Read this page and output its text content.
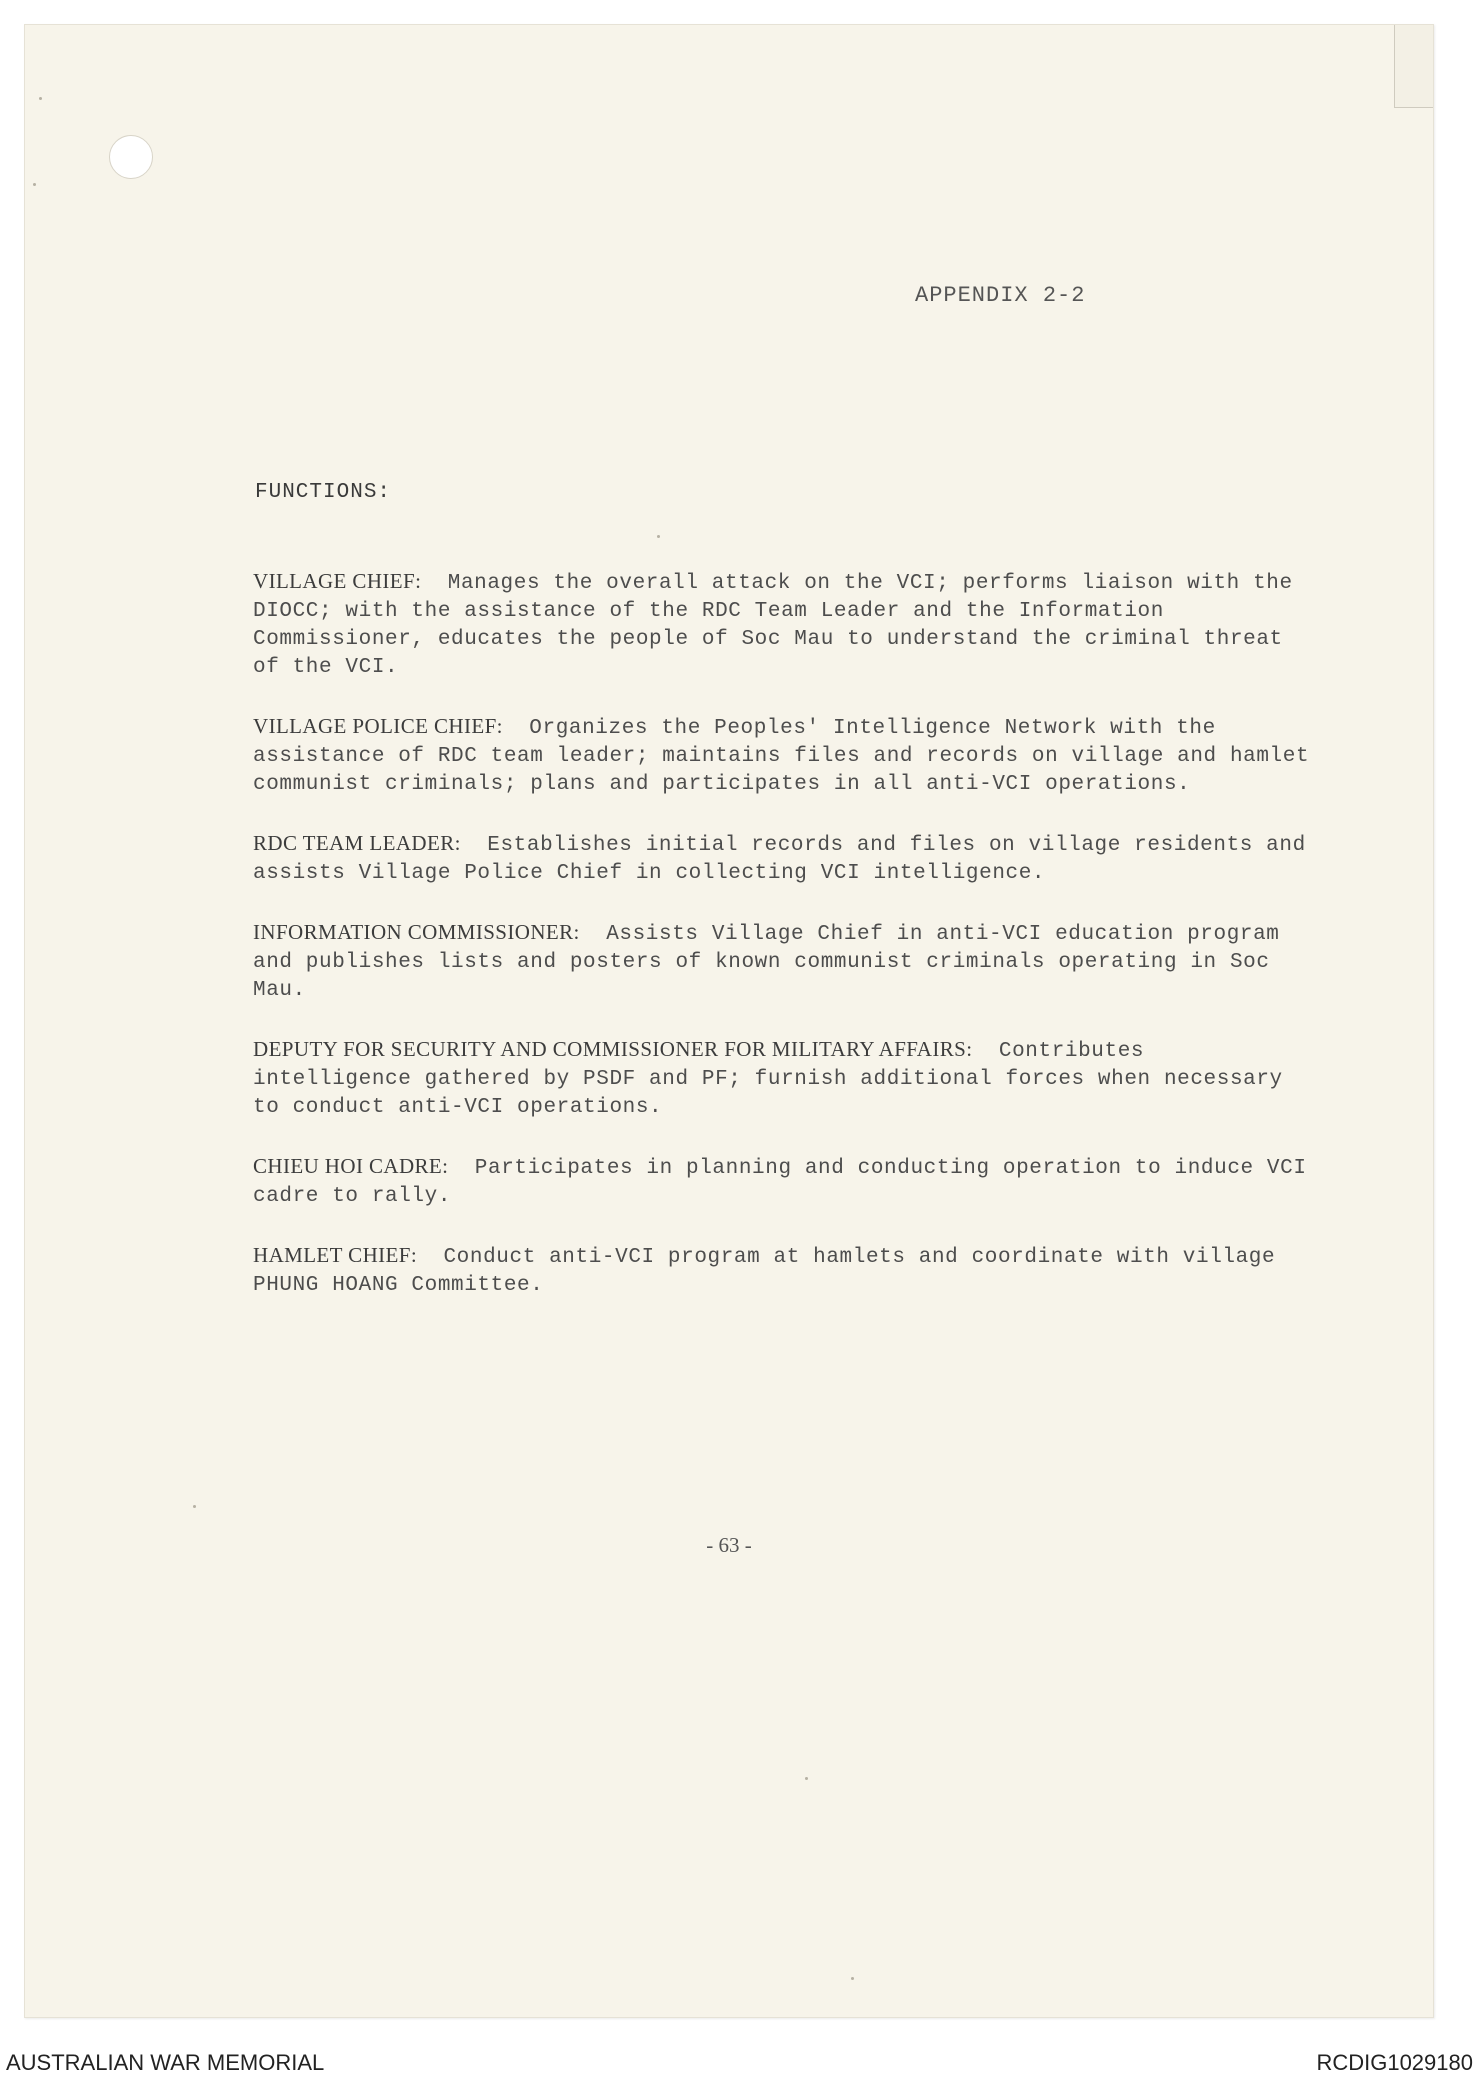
APPENDIX 2-2
FUNCTIONS:

VILLAGE CHIEF: Manages the overall attack on the VCI; performs liaison with the DIOCC; with the assistance of the RDC Team Leader and the Information Commissioner, educates the people of Soc Mau to understand the criminal threat of the VCI.

VILLAGE POLICE CHIEF: Organizes the Peoples' Intelligence Network with the assistance of RDC team leader; maintains files and records on village and hamlet communist criminals; plans and participates in all anti-VCI operations.

RDC TEAM LEADER: Establishes initial records and files on village residents and assists Village Police Chief in collecting VCI intelligence.

INFORMATION COMMISSIONER: Assists Village Chief in anti-VCI education program and publishes lists and posters of known communist criminals operating in Soc Mau.

DEPUTY FOR SECURITY AND COMMISSIONER FOR MILITARY AFFAIRS: Contributes intelligence gathered by PSDF and PF; furnish additional forces when necessary to conduct anti-VCI operations.

CHIEU HOI CADRE: Participates in planning and conducting operation to induce VCI cadre to rally.

HAMLET CHIEF: Conduct anti-VCI program at hamlets and coordinate with village PHUNG HOANG Committee.

- 63 -
AUSTRALIAN WAR MEMORIAL	RCDIG1029180
